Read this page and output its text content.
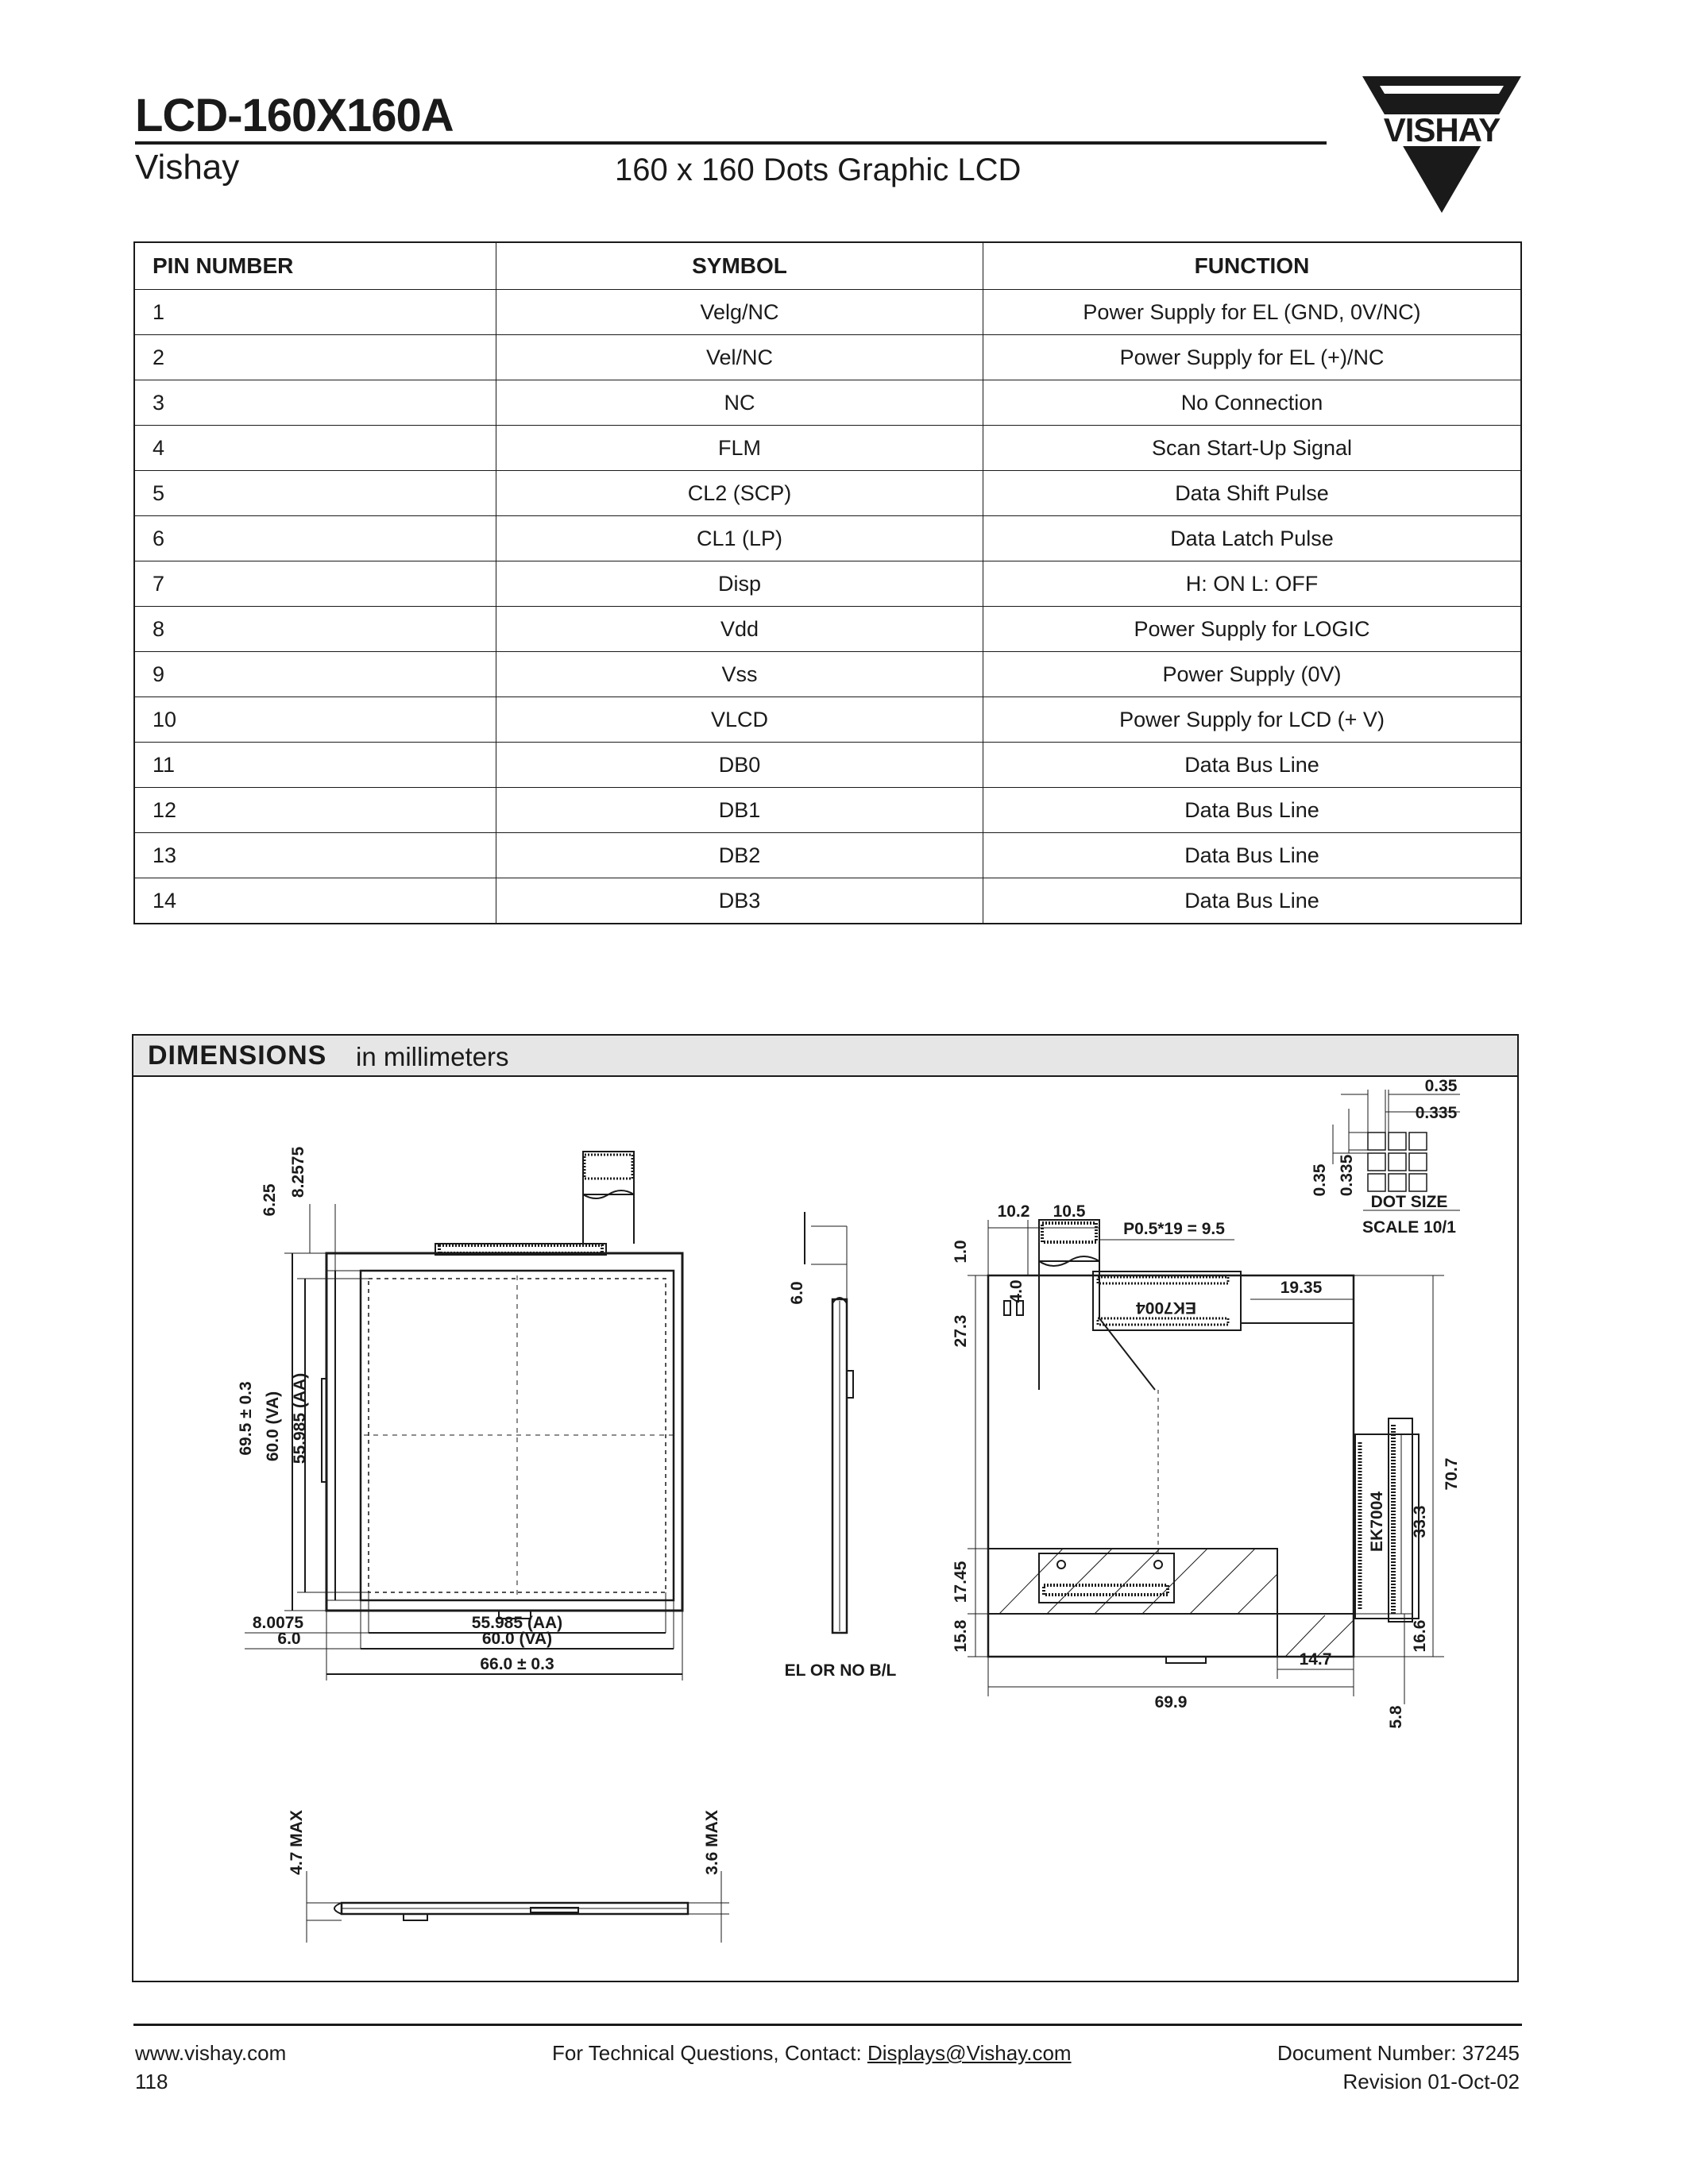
LCD-160X160A
Vishay	160 x 160 Dots Graphic LCD
VISHAY
PIN NUMBER	SYMBOL	FUNCTION
1	Velg/NC	Power Supply for EL (GND, 0V/NC)
2	Vel/NC	Power Supply for EL (+)/NC
3	NC	No Connection
4	FLM	Scan Start-Up Signal
5	CL2 (SCP)	Data Shift Pulse
6	CL1 (LP)	Data Latch Pulse
7	Disp	H: ON L: OFF
8	Vdd	Power Supply for LOGIC
9	Vss	Power Supply (0V)
10	VLCD	Power Supply for LCD (+ V)
11	DB0	Data Bus Line
12	DB1	Data Bus Line
13	DB2	Data Bus Line
14	DB3	Data Bus Line
DIMENSIONS in millimeters
6.25
8.2575
69.5 ± 0.3 60.0 (VA) 55.985 (AA)
8.0075
6.0
55.985 (AA)
60.0 (VA)
66.0 ± 0.3
6.0
EL OR NO B/L
4.7 MAX	3.6 MAX
10.2 10.5
P0.5*19 = 9.5
1.0
4.0
27.3
19.35
EK7004
EK7004 33.3
70.7
17.45
15.8	16.6
14.7
5.8
69.9
0.35
0.335
0.35 0.335
DOT SIZE
SCALE 10/1
www.vishay.com
118
For Technical Questions, Contact: Displays@Vishay.com	Document Number: 37245
Revision 01-Oct-02
